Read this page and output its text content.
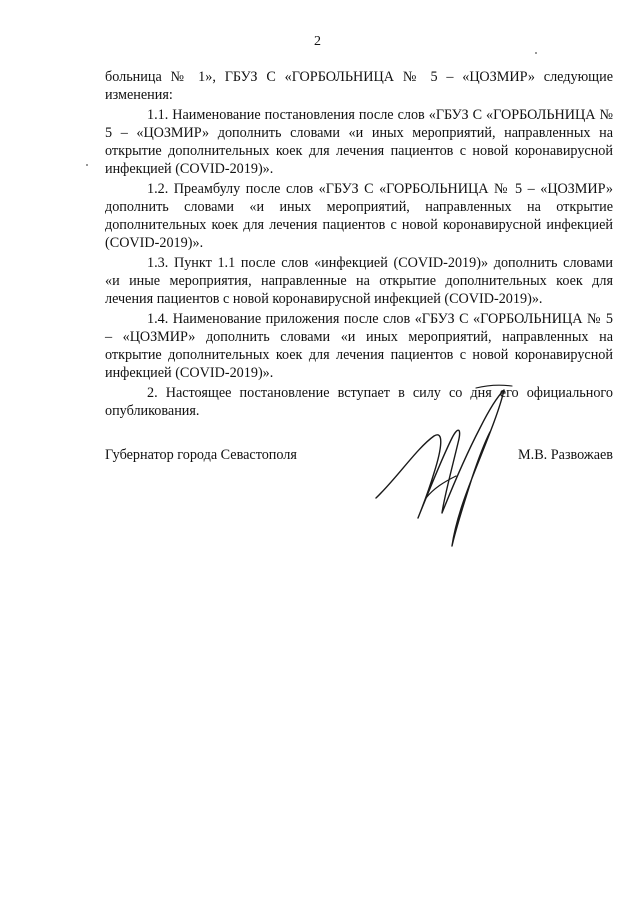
2

больница № 1», ГБУЗ С «ГОРБОЛЬНИЦА № 5 – «ЦОЗМИР» следующие изменения:

1.1. Наименование постановления после слов «ГБУЗ С «ГОРБОЛЬНИЦА № 5 – «ЦОЗМИР» дополнить словами «и иных мероприятий, направленных на открытие дополнительных коек для лечения пациентов с новой коронавирусной инфекцией (COVID-2019)».

1.2. Преамбулу после слов «ГБУЗ С «ГОРБОЛЬНИЦА № 5 – «ЦОЗМИР» дополнить словами «и иных мероприятий, направленных на открытие дополнительных коек для лечения пациентов с новой коронавирусной инфекцией (COVID-2019)».

1.3. Пункт 1.1 после слов «инфекцией (COVID-2019)» дополнить словами «и иные мероприятия, направленные на открытие дополнительных коек для лечения пациентов с новой коронавирусной инфекцией (COVID-2019)».

1.4. Наименование приложения после слов «ГБУЗ С «ГОРБОЛЬНИЦА № 5 – «ЦОЗМИР» дополнить словами «и иных мероприятий, направленных на открытие дополнительных коек для лечения пациентов с новой коронавирусной инфекцией (COVID-2019)».

2. Настоящее постановление вступает в силу со дня его официального опубликования.

Губернатор города Севастополя	М.В. Развожаев
